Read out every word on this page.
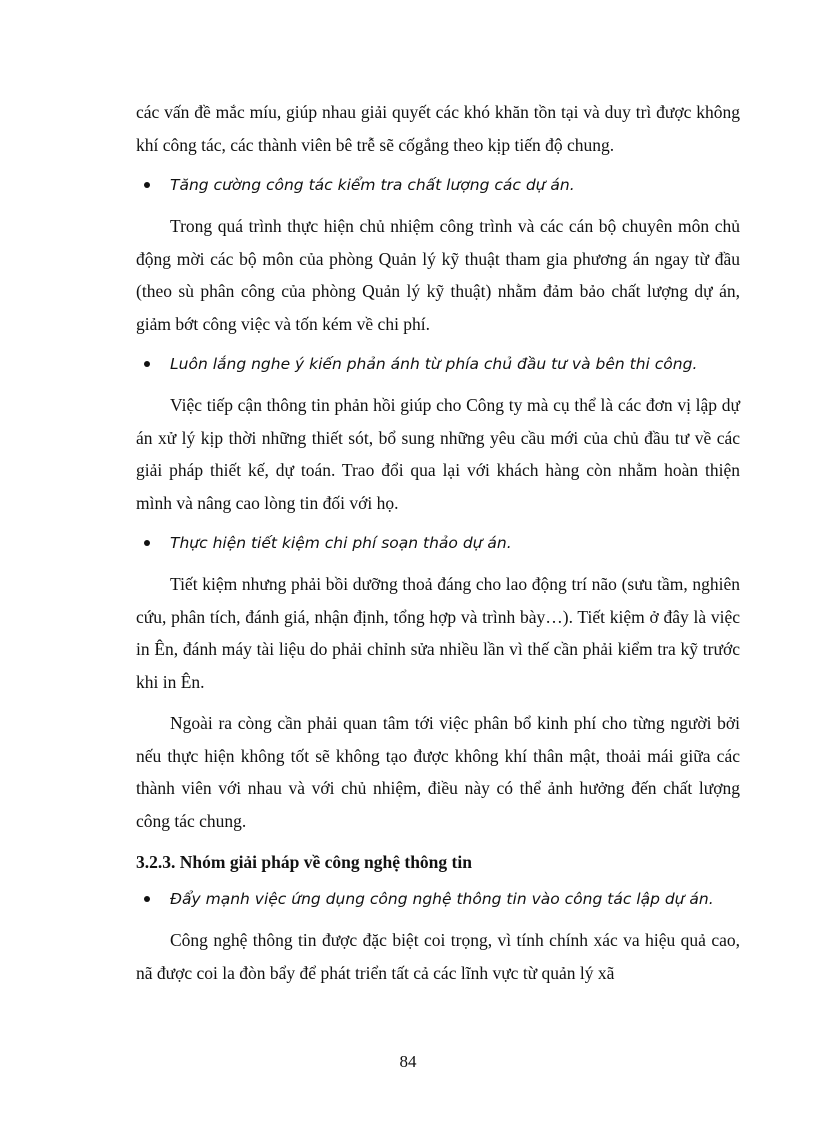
các vấn đề mắc míu, giúp nhau giải quyết các khó khăn tồn tại và duy trì được không khí công tác, các thành viên bê trễ sẽ cốgắng theo kịp tiến độ chung.

Tăng cường công tác kiểm tra chất lượng các dự án.

Trong quá trình thực hiện chủ nhiệm công trình và các cán bộ chuyên môn chủ động mời các bộ môn của phòng Quản lý kỹ thuật tham gia phương án ngay từ đầu (theo sù phân công của phòng Quản lý kỹ thuật) nhằm đảm bảo chất lượng dự án, giảm bớt công việc và tốn kém về chi phí.

Luôn lắng nghe ý kiến phản ánh từ phía chủ đầu tư và bên thi công.

Việc tiếp cận thông tin phản hồi giúp cho Công ty mà cụ thể là các đơn vị lập dự án xử lý kịp thời những thiết sót, bổ sung những yêu cầu mới của chủ đầu tư về các giải pháp thiết kế, dự toán. Trao đổi qua lại với khách hàng còn nhằm hoàn thiện mình và nâng cao lòng tin đối với họ.

Thực hiện tiết kiệm chi phí soạn thảo dự án.

Tiết kiệm nhưng phải bồi dưỡng thoả đáng cho lao động trí não (sưu tầm, nghiên cứu, phân tích, đánh giá, nhận định, tổng hợp và trình bày…). Tiết kiệm ở đây là việc in Ên, đánh máy tài liệu do phải chỉnh sửa nhiều lần vì thế cần phải kiểm tra kỹ trước khi in Ên.

Ngoài ra còng cần phải quan tâm tới việc phân bổ kinh phí cho từng người bởi nếu thực hiện không tốt sẽ không tạo được không khí thân mật, thoải mái giữa các thành viên với nhau và với chủ nhiệm, điều này có thể ảnh hưởng đến chất lượng công tác chung.

3.2.3. Nhóm giải pháp về công nghệ thông tin
Đẩy mạnh việc ứng dụng công nghệ thông tin vào công tác lập dự án.

Công nghệ thông tin được đặc biệt coi trọng, vì tính chính xác va hiệu quả cao, nã được coi la đòn bẩy để phát triển tất cả các lĩnh vực từ quản lý xã

84
